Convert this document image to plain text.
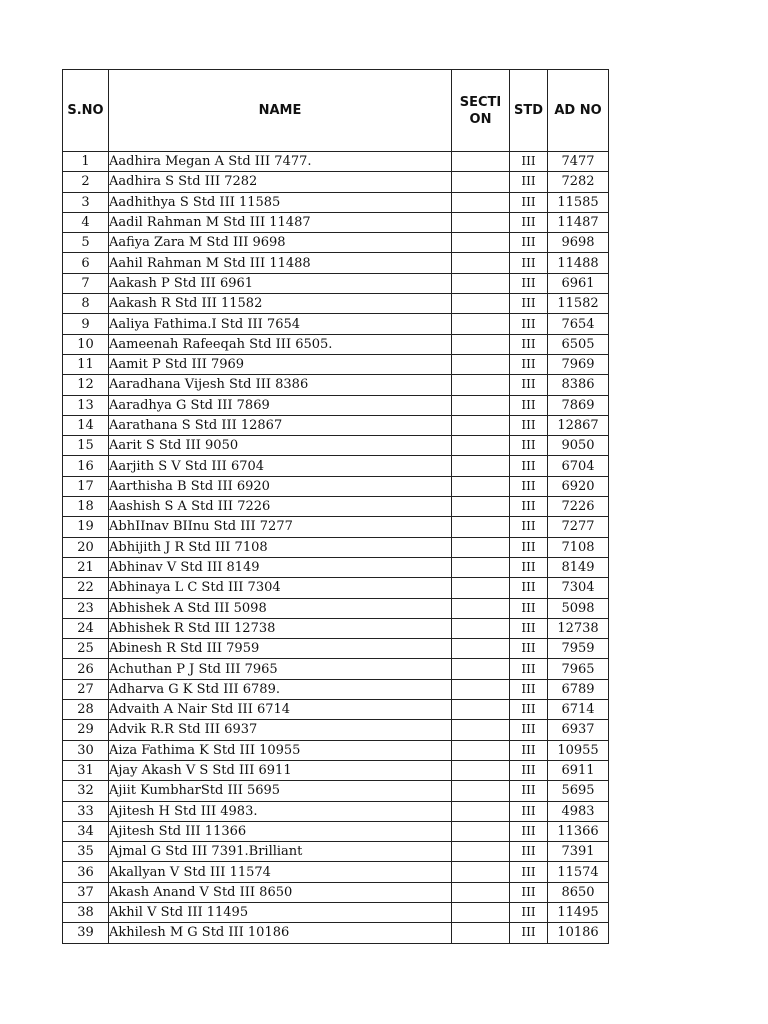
S.NO	NAME	SECTI ON	STD	AD NO
1	Aadhira Megan A Std III 7477.		III	7477
2	Aadhira S Std III 7282		III	7282
3	Aadhithya S Std III 11585		III	11585
4	Aadil Rahman M Std III 11487		III	11487
5	Aafiya Zara M Std III 9698		III	9698
6	Aahil Rahman M Std III 11488		III	11488
7	Aakash P Std III 6961		III	6961
8	Aakash R Std III 11582		III	11582
9	Aaliya Fathima.I Std III 7654		III	7654
10	Aameenah Rafeeqah Std III 6505.		III	6505
11	Aamit P Std III 7969		III	7969
12	Aaradhana Vijesh Std III 8386		III	8386
13	Aaradhya G Std III 7869		III	7869
14	Aarathana S Std III 12867		III	12867
15	Aarit S Std III 9050		III	9050
16	Aarjith S V Std III 6704		III	6704
17	Aarthisha B Std III 6920		III	6920
18	Aashish S A Std III 7226		III	7226
19	AbhIInav BIInu Std III 7277		III	7277
20	Abhijith J R Std III 7108		III	7108
21	Abhinav V Std III 8149		III	8149
22	Abhinaya L C Std III 7304		III	7304
23	Abhishek A Std III 5098		III	5098
24	Abhishek R Std III 12738		III	12738
25	Abinesh R Std III 7959		III	7959
26	Achuthan P J Std III 7965		III	7965
27	Adharva G K Std III 6789.		III	6789
28	Advaith A Nair Std III 6714		III	6714
29	Advik R.R Std III 6937		III	6937
30	Aiza Fathima K Std III 10955		III	10955
31	Ajay Akash V S Std III 6911		III	6911
32	Ajiit KumbharStd III 5695		III	5695
33	Ajitesh H Std III 4983.		III	4983
34	Ajitesh Std III 11366		III	11366
35	Ajmal G Std III 7391.Brilliant		III	7391
36	Akallyan V Std III 11574		III	11574
37	Akash Anand V Std III 8650		III	8650
38	Akhil V Std III 11495		III	11495
39	Akhilesh M G Std III 10186		III	10186
